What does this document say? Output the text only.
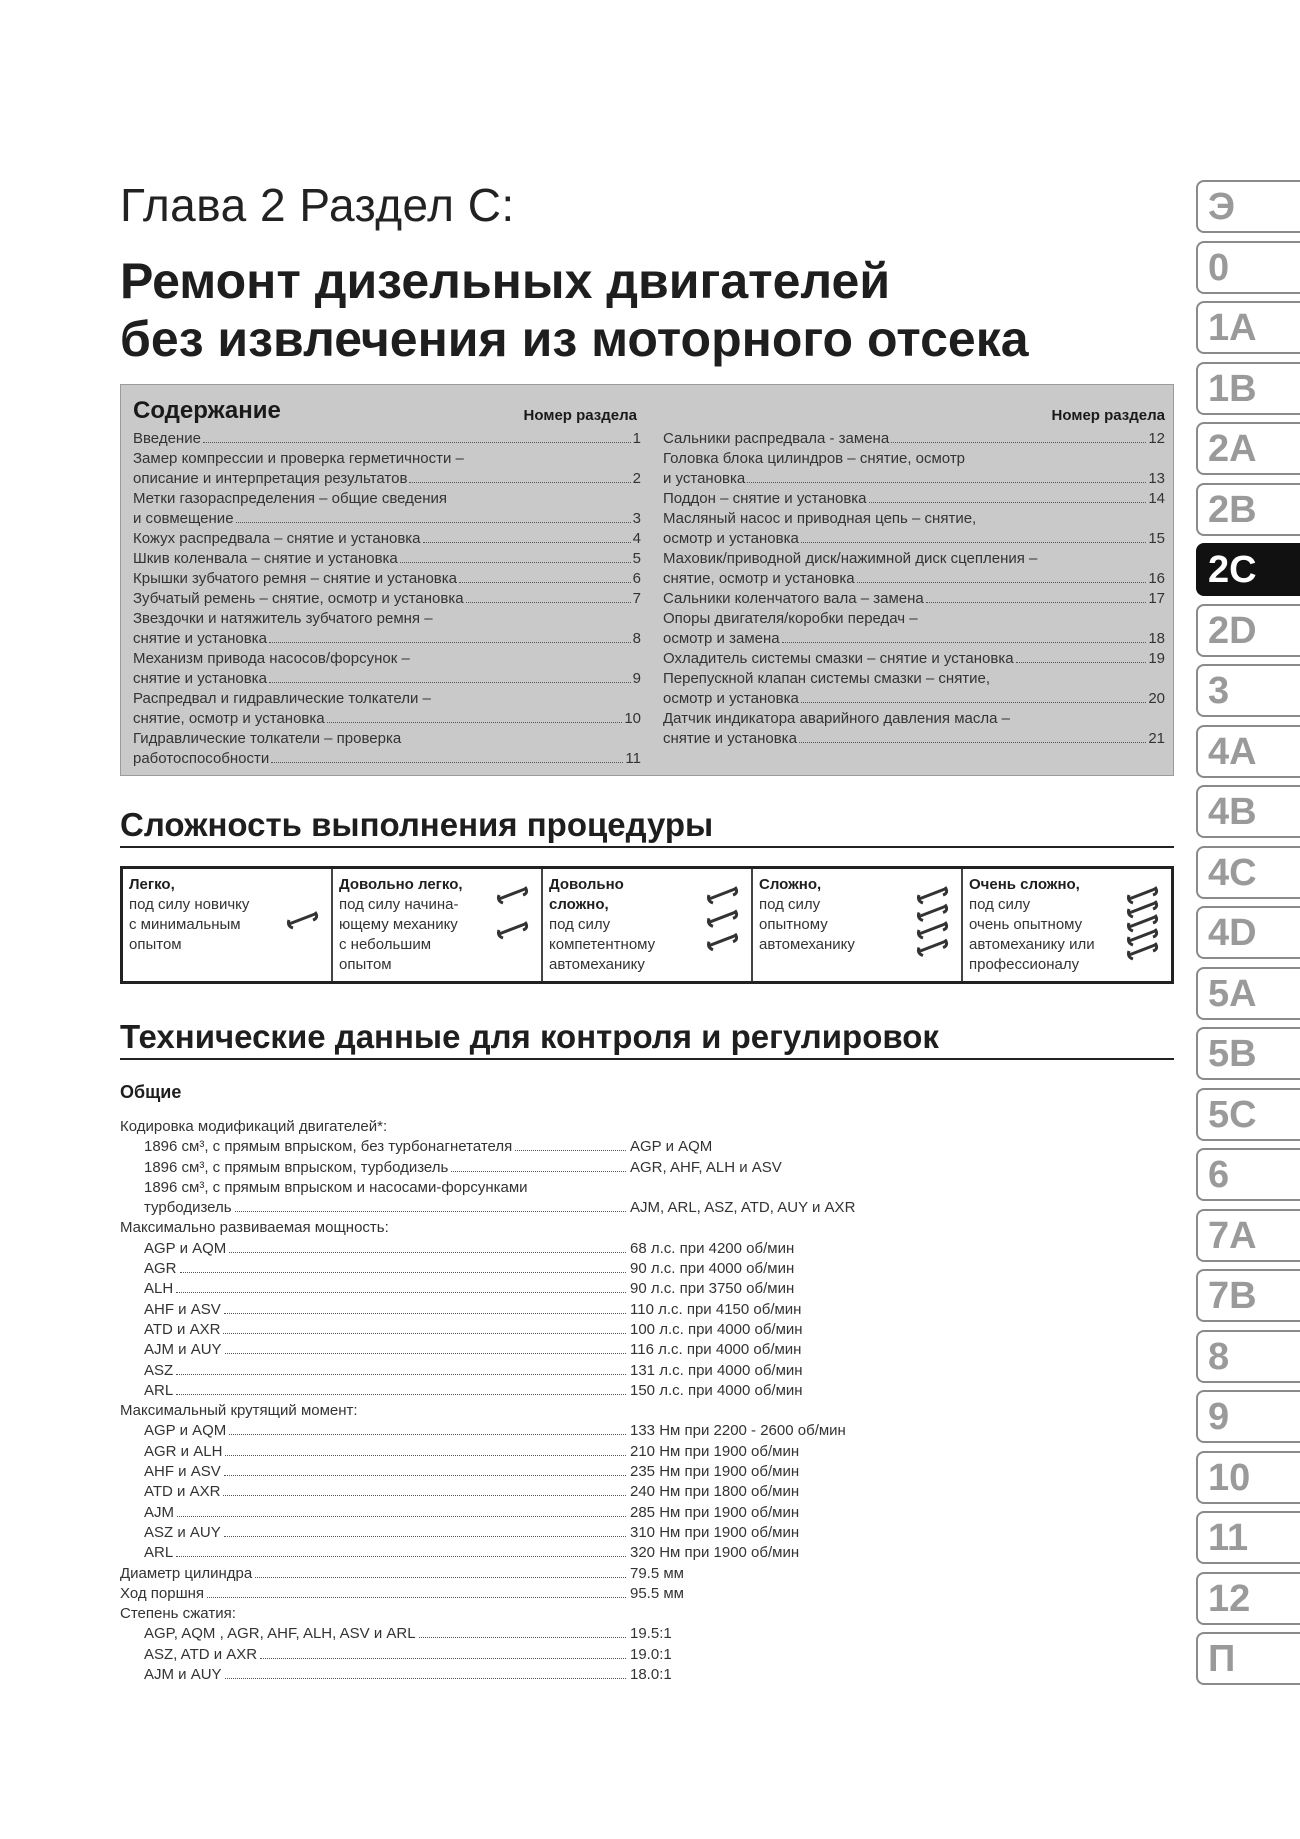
Глава 2 Раздел C:
Ремонт дизельных двигателей
без извлечения из моторного отсека
Содержание	Номер раздела
Введение	1
Замер компрессии и проверка герметичности –
описание и интерпретация результатов	2
Метки газораспределения – общие сведения
и совмещение	3
Кожух распредвала – снятие и установка	4
Шкив коленвала – снятие и установка	5
Крышки зубчатого ремня – снятие и установка	6
Зубчатый ремень – снятие, осмотр и установка	7
Звездочки и натяжитель зубчатого ремня –
снятие и установка	8
Механизм привода насосов/форсунок –
снятие и установка	9
Распредвал и гидравлические толкатели –
снятие, осмотр и установка	10
Гидравлические толкатели – проверка
работоспособности	11
Номер раздела
Сальники распредвала - замена	12
Головка блока цилиндров – снятие, осмотр
и установка	13
Поддон – снятие и установка	14
Масляный насос и приводная цепь – снятие,
осмотр и установка	15
Маховик/приводной диск/нажимной диск сцепления –
снятие, осмотр и установка	16
Сальники коленчатого вала – замена	17
Опоры двигателя/коробки передач –
осмотр и замена	18
Охладитель системы смазки – снятие и установка	19
Перепускной клапан системы смазки – снятие,
осмотр и установка	20
Датчик индикатора аварийного давления масла –
снятие и установка	21
Сложность выполнения процедуры
Легко,
под силу новичку
с минимальным
опытом
Довольно легко,
под силу начина-
ющему механику
с небольшим
опытом
Довольно
сложно,
под силу
компетентному
автомеханику
Сложно,
под силу
опытному
автомеханику
Очень сложно,
под силу
очень опытному
автомеханику или
профессионалу
Технические данные для контроля и регулировок
Общие
Кодировка модификаций двигателей*:
1896 см³, с прямым впрыском, без турбонагнетателя	AGP и AQM
1896 см³, с прямым впрыском, турбодизель	AGR, AHF, ALH и ASV
1896 см³, с прямым впрыском и насосами-форсунками
турбодизель	AJM, ARL, ASZ, ATD, AUY и AXR
Максимально развиваемая мощность:
AGP и AQM	68 л.с. при 4200 об/мин
AGR	90 л.с. при 4000 об/мин
ALH	90 л.с. при 3750 об/мин
AHF и ASV	110 л.с. при 4150 об/мин
ATD и AXR	100 л.с. при 4000 об/мин
AJM и AUY	116 л.с. при 4000 об/мин
ASZ	131 л.с. при 4000 об/мин
ARL	150 л.с. при 4000 об/мин
Максимальный крутящий момент:
AGP и AQM	133 Нм при 2200 - 2600 об/мин
AGR и ALH	210 Нм при 1900 об/мин
AHF и ASV	235 Нм при 1900 об/мин
ATD и AXR	240 Нм при 1800 об/мин
AJM	285 Нм при 1900 об/мин
ASZ и AUY	310 Нм при 1900 об/мин
ARL	320 Нм при 1900 об/мин
Диаметр цилиндра	79.5 мм
Ход поршня	95.5 мм
Степень сжатия:
AGP, AQM , AGR, AHF, ALH, ASV и ARL	19.5:1
ASZ, ATD и AXR	19.0:1
AJM и AUY	18.0:1
Э
0
1A
1B
2A
2B
2C
2D
3
4A
4B
4C
4D
5A
5B
5C
6
7A
7B
8
9
10
11
12
П
